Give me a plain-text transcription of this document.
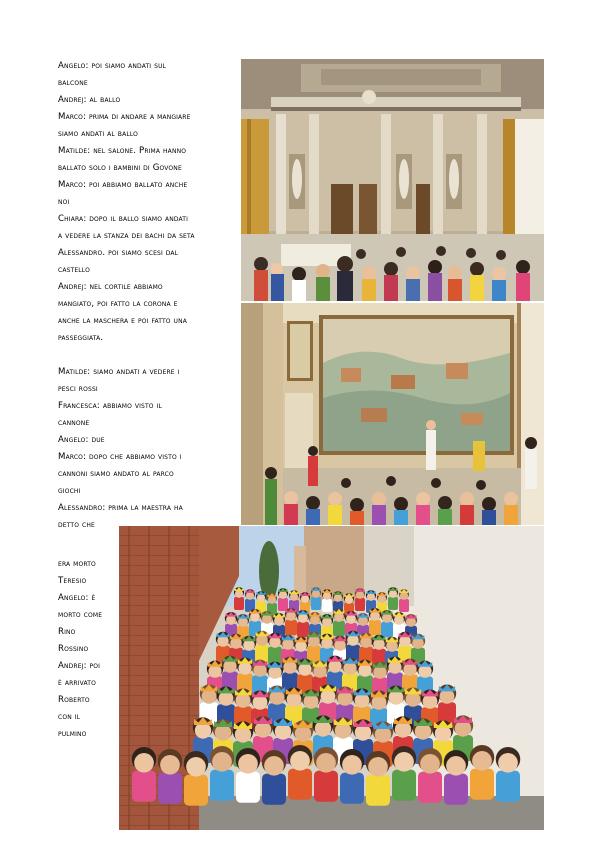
Angelo: poi siamo andati sul
balcone
Andrej: al ballo
Marco: prima di andare a mangiare
siamo andati al ballo
Matilde: nel salone. Prima hanno
ballato solo i bambini di Govone
Marco: poi abbiamo ballato anche
noi
Chiara: dopo il ballo siamo andati
a vedere la stanza dei bachi da seta
Alessandro. poi siamo scesi dal
castello
Andrej: nel cortile abbiamo
mangiato, poi fatto la corona e
anche la maschera e poi fatto una
passeggiata.
Matilde: siamo andati a vedere i
pesci rossi
Francesca: abbiamo visto il
cannone
Angelo: due
Marco: dopo che abbiamo visto i
cannoni siamo andato al parco
giochi
Alessandro: prima la maestra ha
detto che
era morto
Teresio
Angelo: è
morto come
Rino
Rossino
Andrej: poi
è arrivato
Roberto
con il
pulmino
